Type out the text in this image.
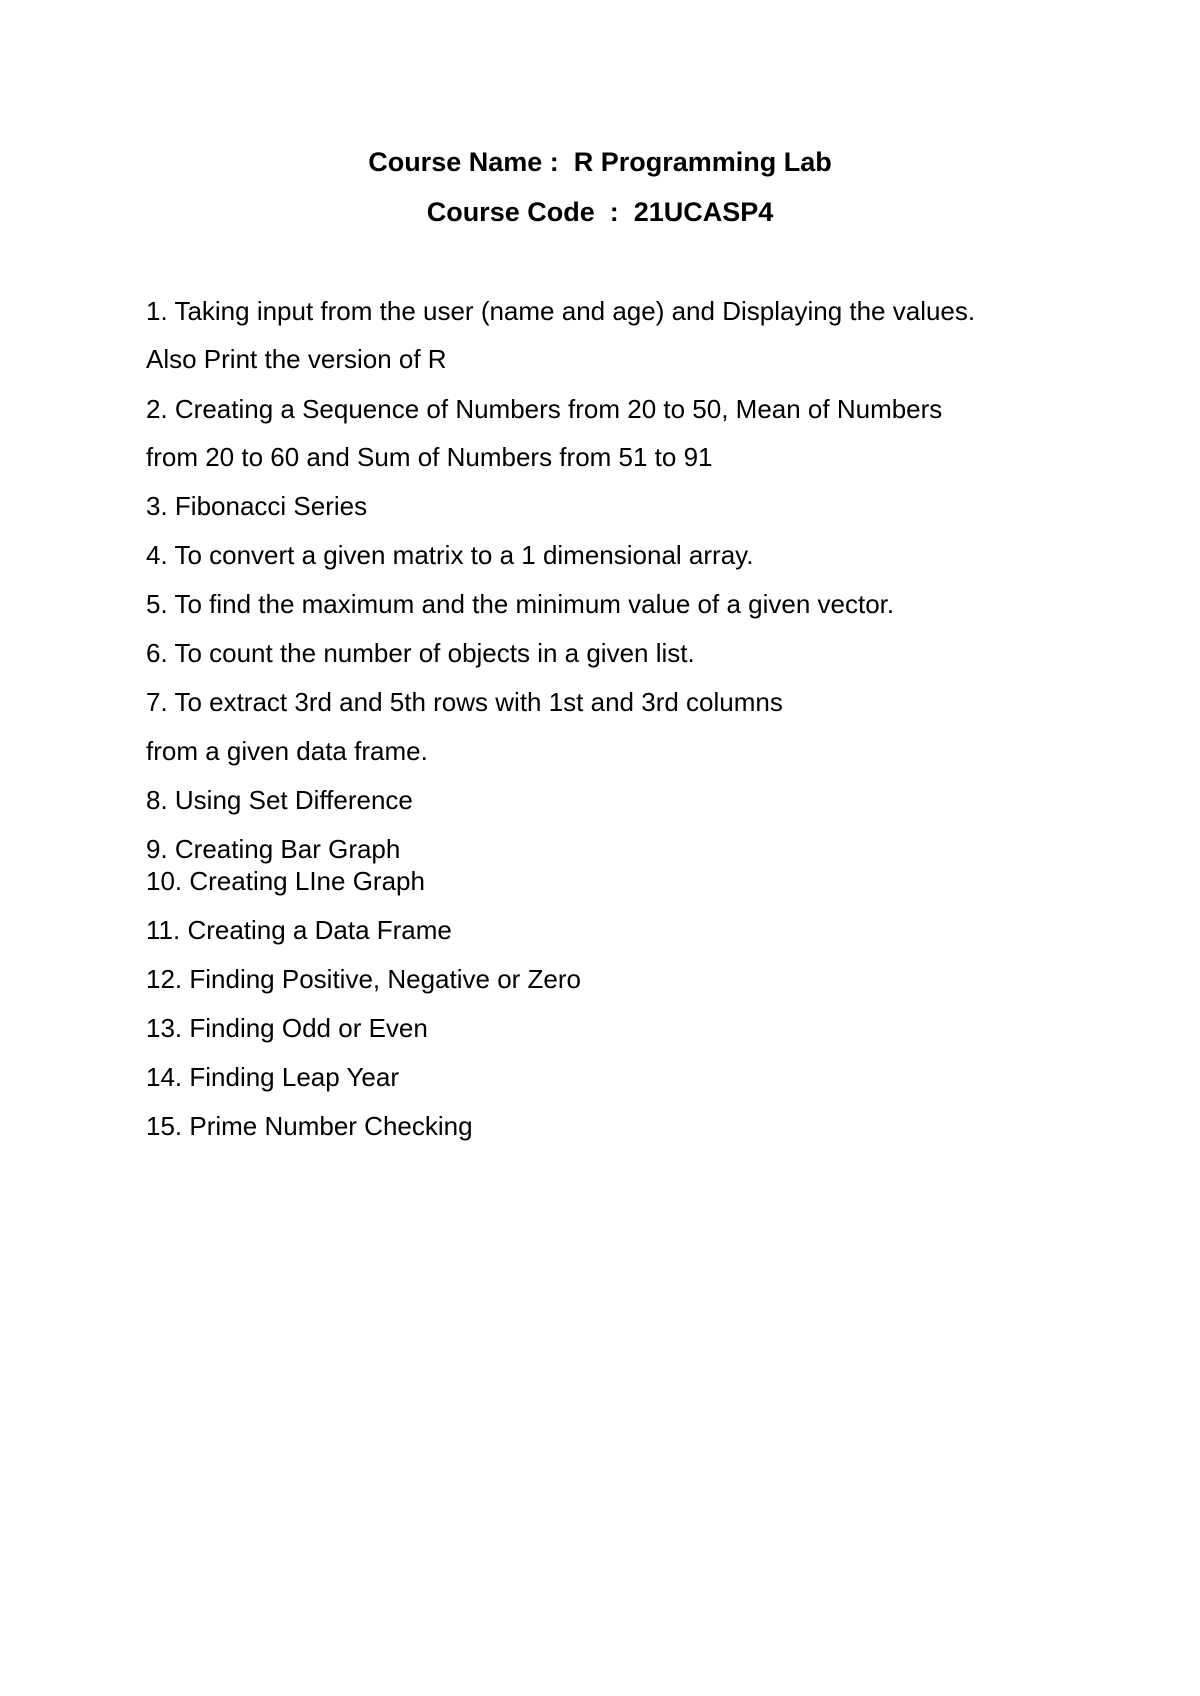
Course Name :  R Programming Lab
Course Code  :  21UCASP4
1. Taking input from the user (name and age) and Displaying the values.
Also Print the version of R
2. Creating a Sequence of Numbers from 20 to 50, Mean of Numbers
from 20 to 60 and Sum of Numbers from 51 to 91
3. Fibonacci Series
4. To convert a given matrix to a 1 dimensional array.
5. To find the maximum and the minimum value of a given vector.
6. To count the number of objects in a given list.
7. To extract 3rd and 5th rows with 1st and 3rd columns
from a given data frame.
8. Using Set Difference
9. Creating Bar Graph
10. Creating LIne Graph
11. Creating a Data Frame
12. Finding Positive, Negative or Zero
13. Finding Odd or Even
14. Finding Leap Year
15. Prime Number Checking
